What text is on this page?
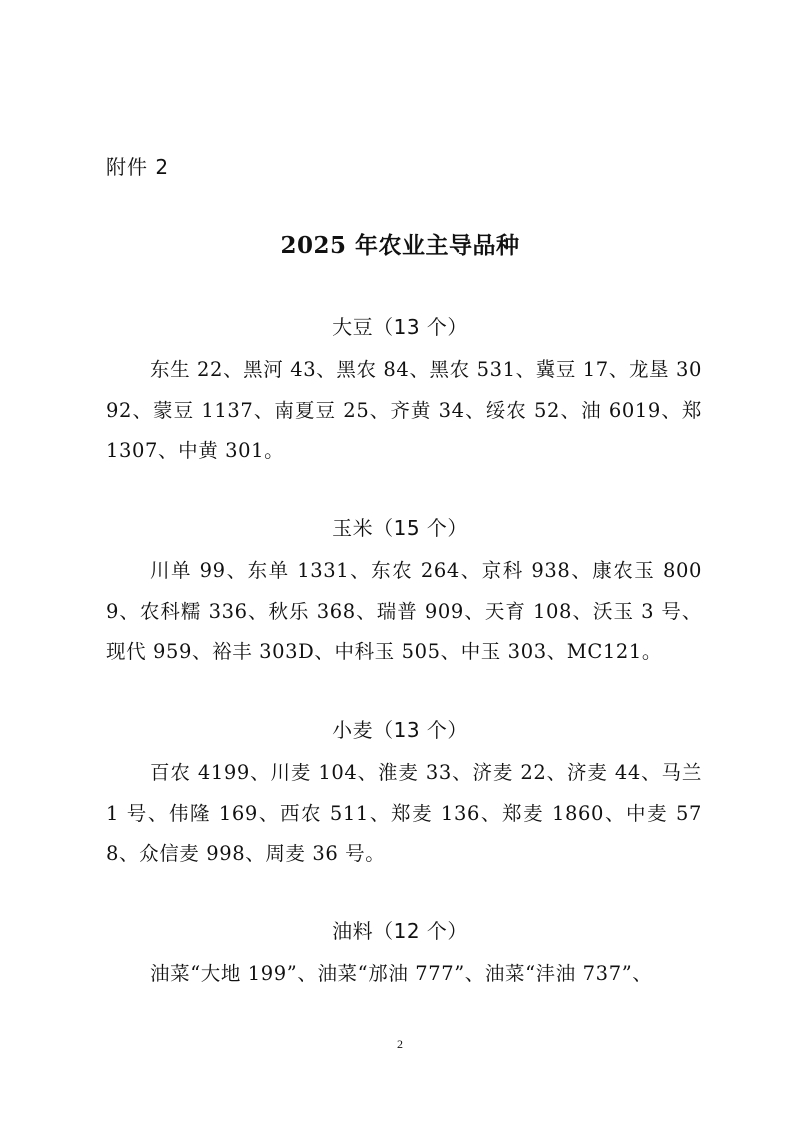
附件 2
2025 年农业主导品种
大豆（13 个）
东生 22、黑河 43、黑农 84、黑农 531、冀豆 17、龙垦 3092、蒙豆 1137、南夏豆 25、齐黄 34、绥农 52、油 6019、郑 1307、中黄 301。
玉米（15 个）
川单 99、东单 1331、东农 264、京科 938、康农玉 8009、农科糯 336、秋乐 368、瑞普 909、天育 108、沃玉 3 号、现代 959、裕丰 303D、中科玉 505、中玉 303、MC121。
小麦（13 个）
百农 4199、川麦 104、淮麦 33、济麦 22、济麦 44、马兰 1 号、伟隆 169、西农 511、郑麦 136、郑麦 1860、中麦 578、众信麦 998、周麦 36 号。
油料（12 个）
油菜“大地 199”、油菜“邡油 777”、油菜“沣油 737”、
2
